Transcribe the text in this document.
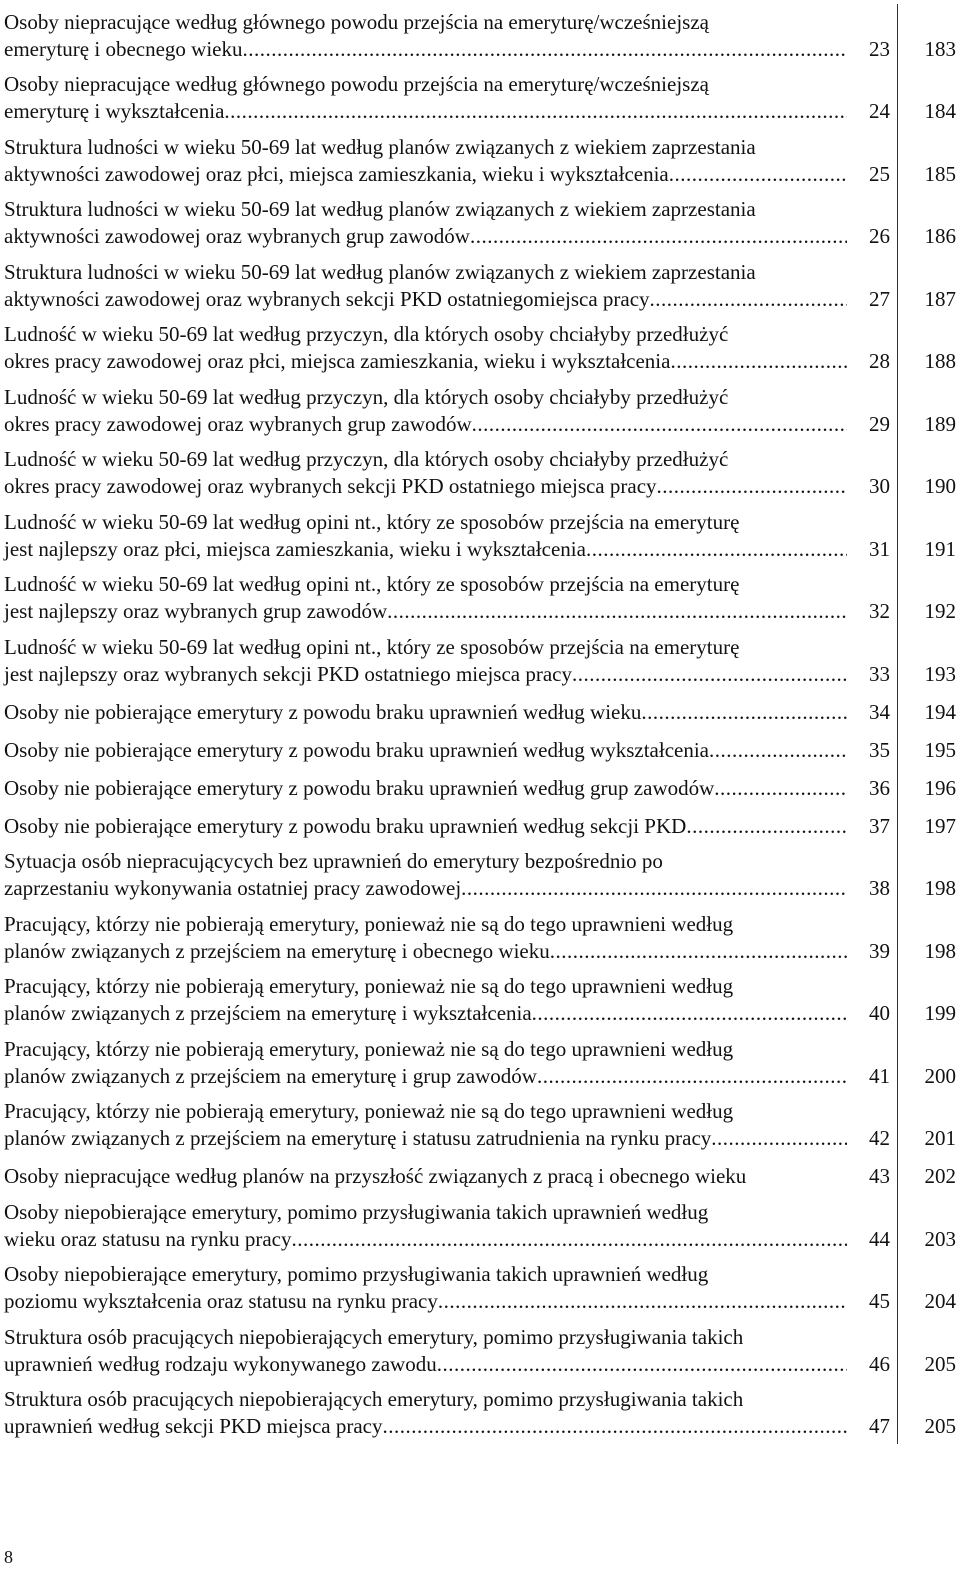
Osoby niepracujące według głównego powodu przejścia na emeryturę/wcześniejszą
emeryturę i obecnego wieku .....	23	183
Osoby niepracujące według głównego powodu przejścia na emeryturę/wcześniejszą
emeryturę i wykształcenia .....	24	184
Struktura ludności w wieku 50-69 lat według planów związanych z wiekiem zaprzestania
aktywności zawodowej oraz płci, miejsca zamieszkania, wieku i wykształcenia .....	25	185
Struktura ludności w wieku 50-69 lat według planów związanych z wiekiem zaprzestania
aktywności zawodowej oraz wybranych grup zawodów .....	26	186
Struktura ludności w wieku 50-69 lat według planów związanych z wiekiem zaprzestania
aktywności zawodowej oraz wybranych sekcji PKD ostatniegomiejsca pracy .....	27	187
Ludność w wieku 50-69 lat według przyczyn, dla których osoby chciałyby przedłużyć
okres pracy zawodowej oraz płci, miejsca zamieszkania, wieku i wykształcenia .....	28	188
Ludność w wieku 50-69 lat według przyczyn, dla których osoby chciałyby przedłużyć
okres pracy zawodowej oraz wybranych grup zawodów .....	29	189
Ludność w wieku 50-69 lat według przyczyn, dla których osoby chciałyby przedłużyć
okres pracy zawodowej oraz wybranych sekcji PKD ostatniego miejsca pracy .....	30	190
Ludność w wieku 50-69 lat według opini nt., który ze sposobów przejścia na emeryturę
jest najlepszy oraz płci, miejsca zamieszkania, wieku i wykształcenia .....	31	191
Ludność w wieku 50-69 lat według opini nt., który ze sposobów przejścia na emeryturę
jest najlepszy oraz wybranych grup zawodów .....	32	192
Ludność w wieku 50-69 lat według opini nt., który ze sposobów przejścia na emeryturę
jest najlepszy oraz wybranych sekcji PKD ostatniego miejsca pracy .....	33	193
Osoby nie pobierające emerytury z powodu braku uprawnień według wieku .....	34	194
Osoby nie pobierające emerytury z powodu braku uprawnień według wykształcenia .....	35	195
Osoby nie pobierające emerytury z powodu braku uprawnień według grup zawodów .....	36	196
Osoby nie pobierające emerytury z powodu braku uprawnień według sekcji PKD .....	37	197
Sytuacja osób niepracującycych bez uprawnień do emerytury bezpośrednio po
zaprzestaniu wykonywania ostatniej pracy zawodowej .....	38	198
Pracujący, którzy nie pobierają emerytury, ponieważ nie są do tego uprawnieni według
planów związanych z przejściem na emeryturę i obecnego wieku .....	39	198
Pracujący, którzy nie pobierają emerytury, ponieważ nie są do tego uprawnieni według
planów związanych z przejściem na emeryturę i wykształcenia .....	40	199
Pracujący, którzy nie pobierają emerytury, ponieważ nie są do tego uprawnieni według
planów związanych z przejściem na emeryturę i grup zawodów .....	41	200
Pracujący, którzy nie pobierają emerytury, ponieważ nie są do tego uprawnieni według
planów związanych z przejściem na emeryturę i statusu zatrudnienia na rynku pracy .....	42	201
Osoby niepracujące według planów na przyszłość związanych z pracą i obecnego wieku	43	202
Osoby niepobierające emerytury, pomimo przysługiwania takich uprawnień według
wieku oraz statusu na rynku pracy .....	44	203
Osoby niepobierające emerytury, pomimo przysługiwania takich uprawnień według
poziomu wykształcenia oraz statusu na rynku pracy .....	45	204
Struktura osób pracujących niepobierających emerytury, pomimo przysługiwania takich
uprawnień według rodzaju wykonywanego zawodu .....	46	205
Struktura osób pracujących niepobierających emerytury, pomimo przysługiwania takich
uprawnień według sekcji PKD miejsca pracy .....	47	205
8
